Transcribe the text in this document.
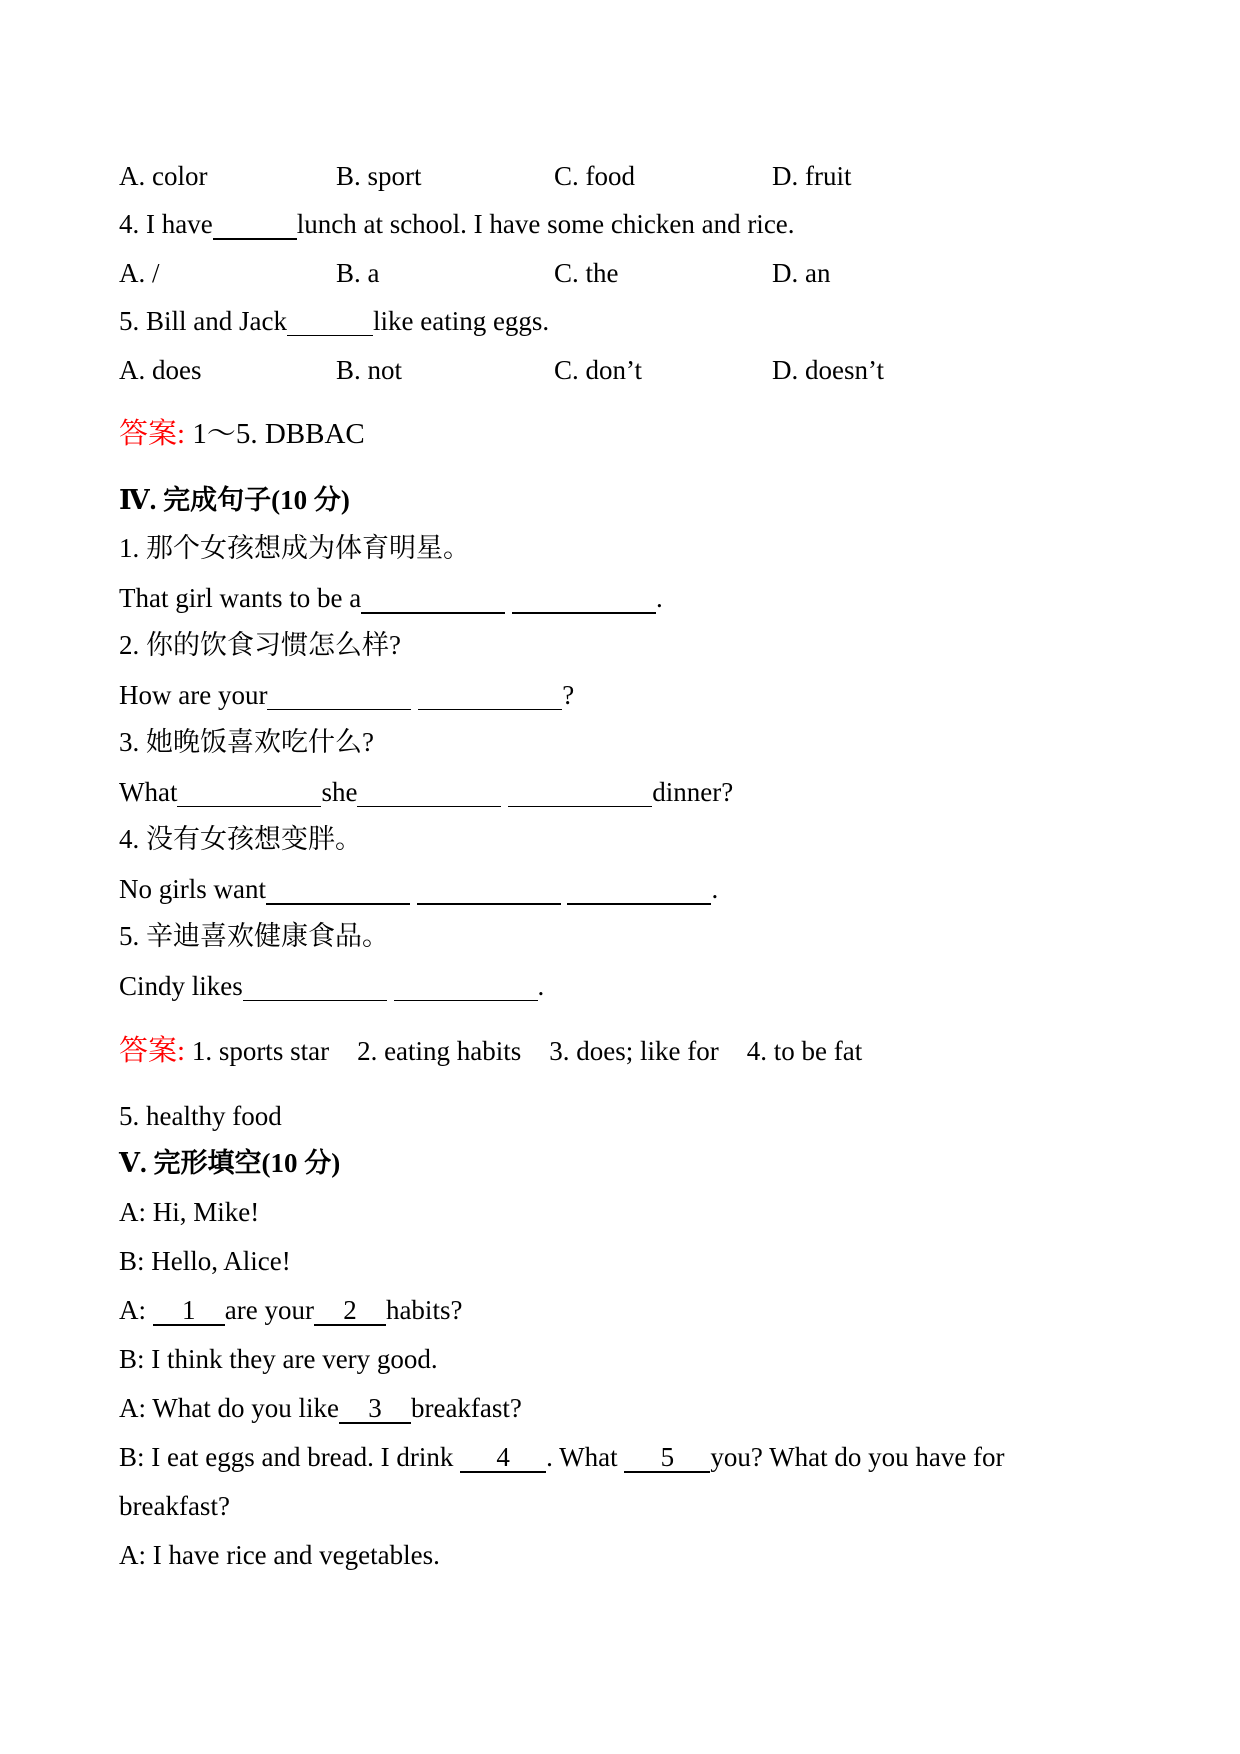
A. color	B. sport	C. food	D. fruit
4. I have	lunch at school. I have some chicken and rice.
A. /	B. a	C. the	D. an
5. Bill and Jack	like eating eggs.
A. does	B. not	C. don’t	D. doesn’t
答案: 1～5. DBBAC
Ⅳ. 完成句子(10 分)
1. 那个女孩想成为体育明星。
That girl wants to be a	.
2. 你的饮食习惯怎么样?
How are your	?
3. 她晚饭喜欢吃什么?
What	she	dinner?
4. 没有女孩想变胖。
No girls want	.
5. 辛迪喜欢健康食品。
Cindy likes	.
答案: 1. sports star 2. eating habits 3. does; like for 4. to be fat
5. healthy food
Ⅴ. 完形填空(10 分)
A: Hi, Mike!
B: Hello, Alice!
A: 1 are your 2 habits?
B: I think they are very good.
A: What do you like 3 breakfast?
B: I eat eggs and bread. I drink 4 . What 5 you? What do you have for
breakfast?
A: I have rice and vegetables.
